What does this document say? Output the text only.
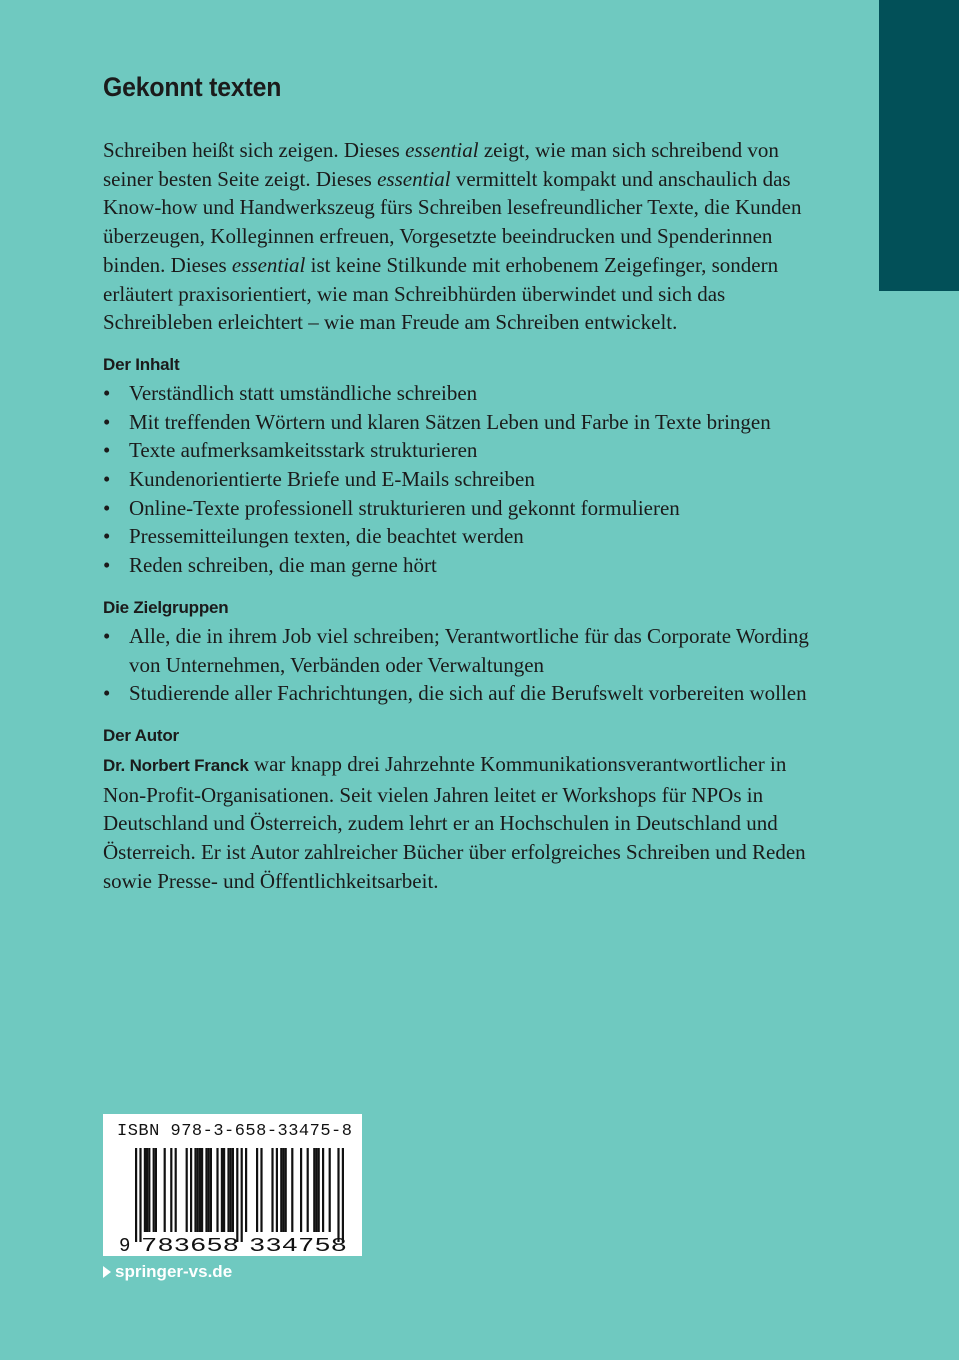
Gekonnt texten

Schreiben heißt sich zeigen. Dieses essential zeigt, wie man sich schreibend von seiner besten Seite zeigt. Dieses essential vermittelt kompakt und anschaulich das Know-how und Handwerkszeug fürs Schreiben lesefreundlicher Texte, die Kunden überzeugen, Kolleginnen erfreuen, Vorgesetzte beeindrucken und Spenderinnen binden. Dieses essential ist keine Stilkunde mit erhobenem Zeigefinger, sondern erläutert praxisorientiert, wie man Schreibhürden überwindet und sich das Schreibleben erleichtert – wie man Freude am Schreiben entwickelt.

Der Inhalt
• Verständlich statt umständliche schreiben
• Mit treffenden Wörtern und klaren Sätzen Leben und Farbe in Texte bringen
• Texte aufmerksamkeitsstark strukturieren
• Kundenorientierte Briefe und E-Mails schreiben
• Online-Texte professionell strukturieren und gekonnt formulieren
• Pressemitteilungen texten, die beachtet werden
• Reden schreiben, die man gerne hört
Die Zielgruppen
• Alle, die in ihrem Job viel schreiben; Verantwortliche für das Corporate Wording von Unternehmen, Verbänden oder Verwaltungen
• Studierende aller Fachrichtungen, die sich auf die Berufswelt vorbereiten wollen
Der Autor

Dr. Norbert Franck war knapp drei Jahrzehnte Kommunikationsverantwortlicher in Non-Profit-Organisationen. Seit vielen Jahren leitet er Workshops für NPOs in Deutschland und Österreich, zudem lehrt er an Hochschulen in Deutschland und Österreich. Er ist Autor zahlreicher Bücher über erfolgreiches Schreiben und Reden sowie Presse- und Öffentlichkeitsarbeit.

9 783658 334758
ISBN 978-3-658-33475-8
springer-vs.de
